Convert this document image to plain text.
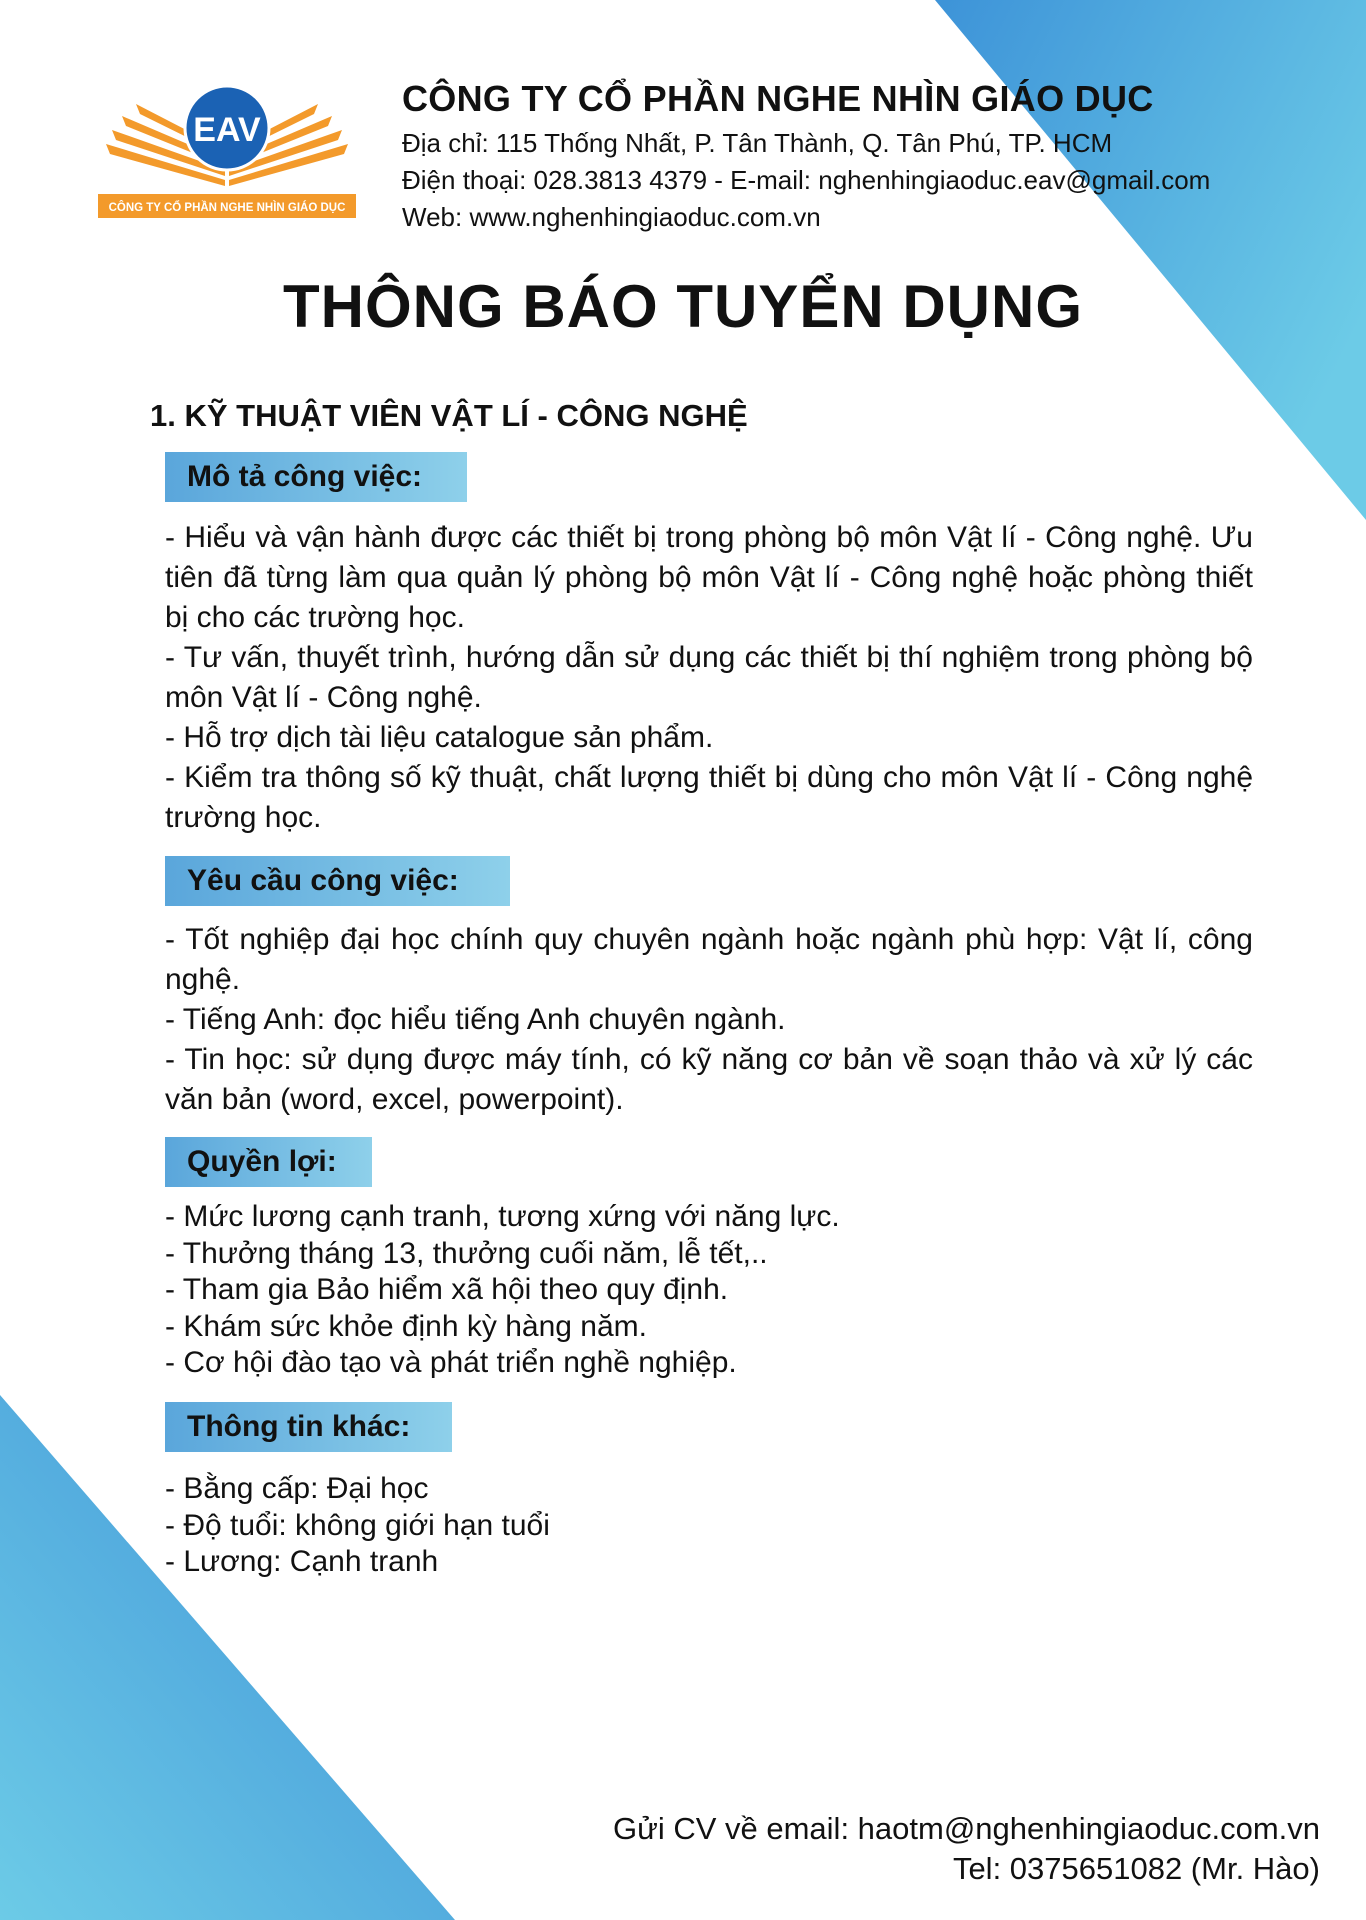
EAV
CÔNG TY CỔ PHẦN NGHE NHÌN GIÁO DỤC
CÔNG TY CỔ PHẦN NGHE NHÌN GIÁO DỤC
Địa chỉ: 115 Thống Nhất, P. Tân Thành, Q. Tân Phú, TP. HCM
Điện thoại: 028.3813 4379 - E-mail: nghenhingiaoduc.eav@gmail.com
Web: www.nghenhingiaoduc.com.vn
THÔNG BÁO TUYỂN DỤNG
1. KỸ THUẬT VIÊN VẬT LÍ - CÔNG NGHỆ
Mô tả công việc:
- Hiểu và vận hành được các thiết bị trong phòng bộ môn Vật lí - Công nghệ. Ưu tiên đã từng làm qua quản lý phòng bộ môn Vật lí - Công nghệ hoặc phòng thiết bị cho các trường học.
- Tư vấn, thuyết trình, hướng dẫn sử dụng các thiết bị thí nghiệm trong phòng bộ môn Vật lí - Công nghệ.
- Hỗ trợ dịch tài liệu catalogue sản phẩm.
- Kiểm tra thông số kỹ thuật, chất lượng thiết bị dùng cho môn Vật lí - Công nghệ trường học.
Yêu cầu công việc:
- Tốt nghiệp đại học chính quy chuyên ngành hoặc ngành phù hợp: Vật lí, công nghệ.
- Tiếng Anh: đọc hiểu tiếng Anh chuyên ngành.
- Tin học: sử dụng được máy tính, có kỹ năng cơ bản về soạn thảo và xử lý các văn bản (word, excel, powerpoint).
Quyền lợi:
- Mức lương cạnh tranh, tương xứng với năng lực.
- Thưởng tháng 13, thưởng cuối năm, lễ tết,..
- Tham gia Bảo hiểm xã hội theo quy định.
- Khám sức khỏe định kỳ hàng năm.
- Cơ hội đào tạo và phát triển nghề nghiệp.
Thông tin khác:
- Bằng cấp: Đại học
- Độ tuổi: không giới hạn tuổi
- Lương: Cạnh tranh
Gửi CV về email: haotm@nghenhingiaoduc.com.vn
Tel: 0375651082 (Mr. Hào)
